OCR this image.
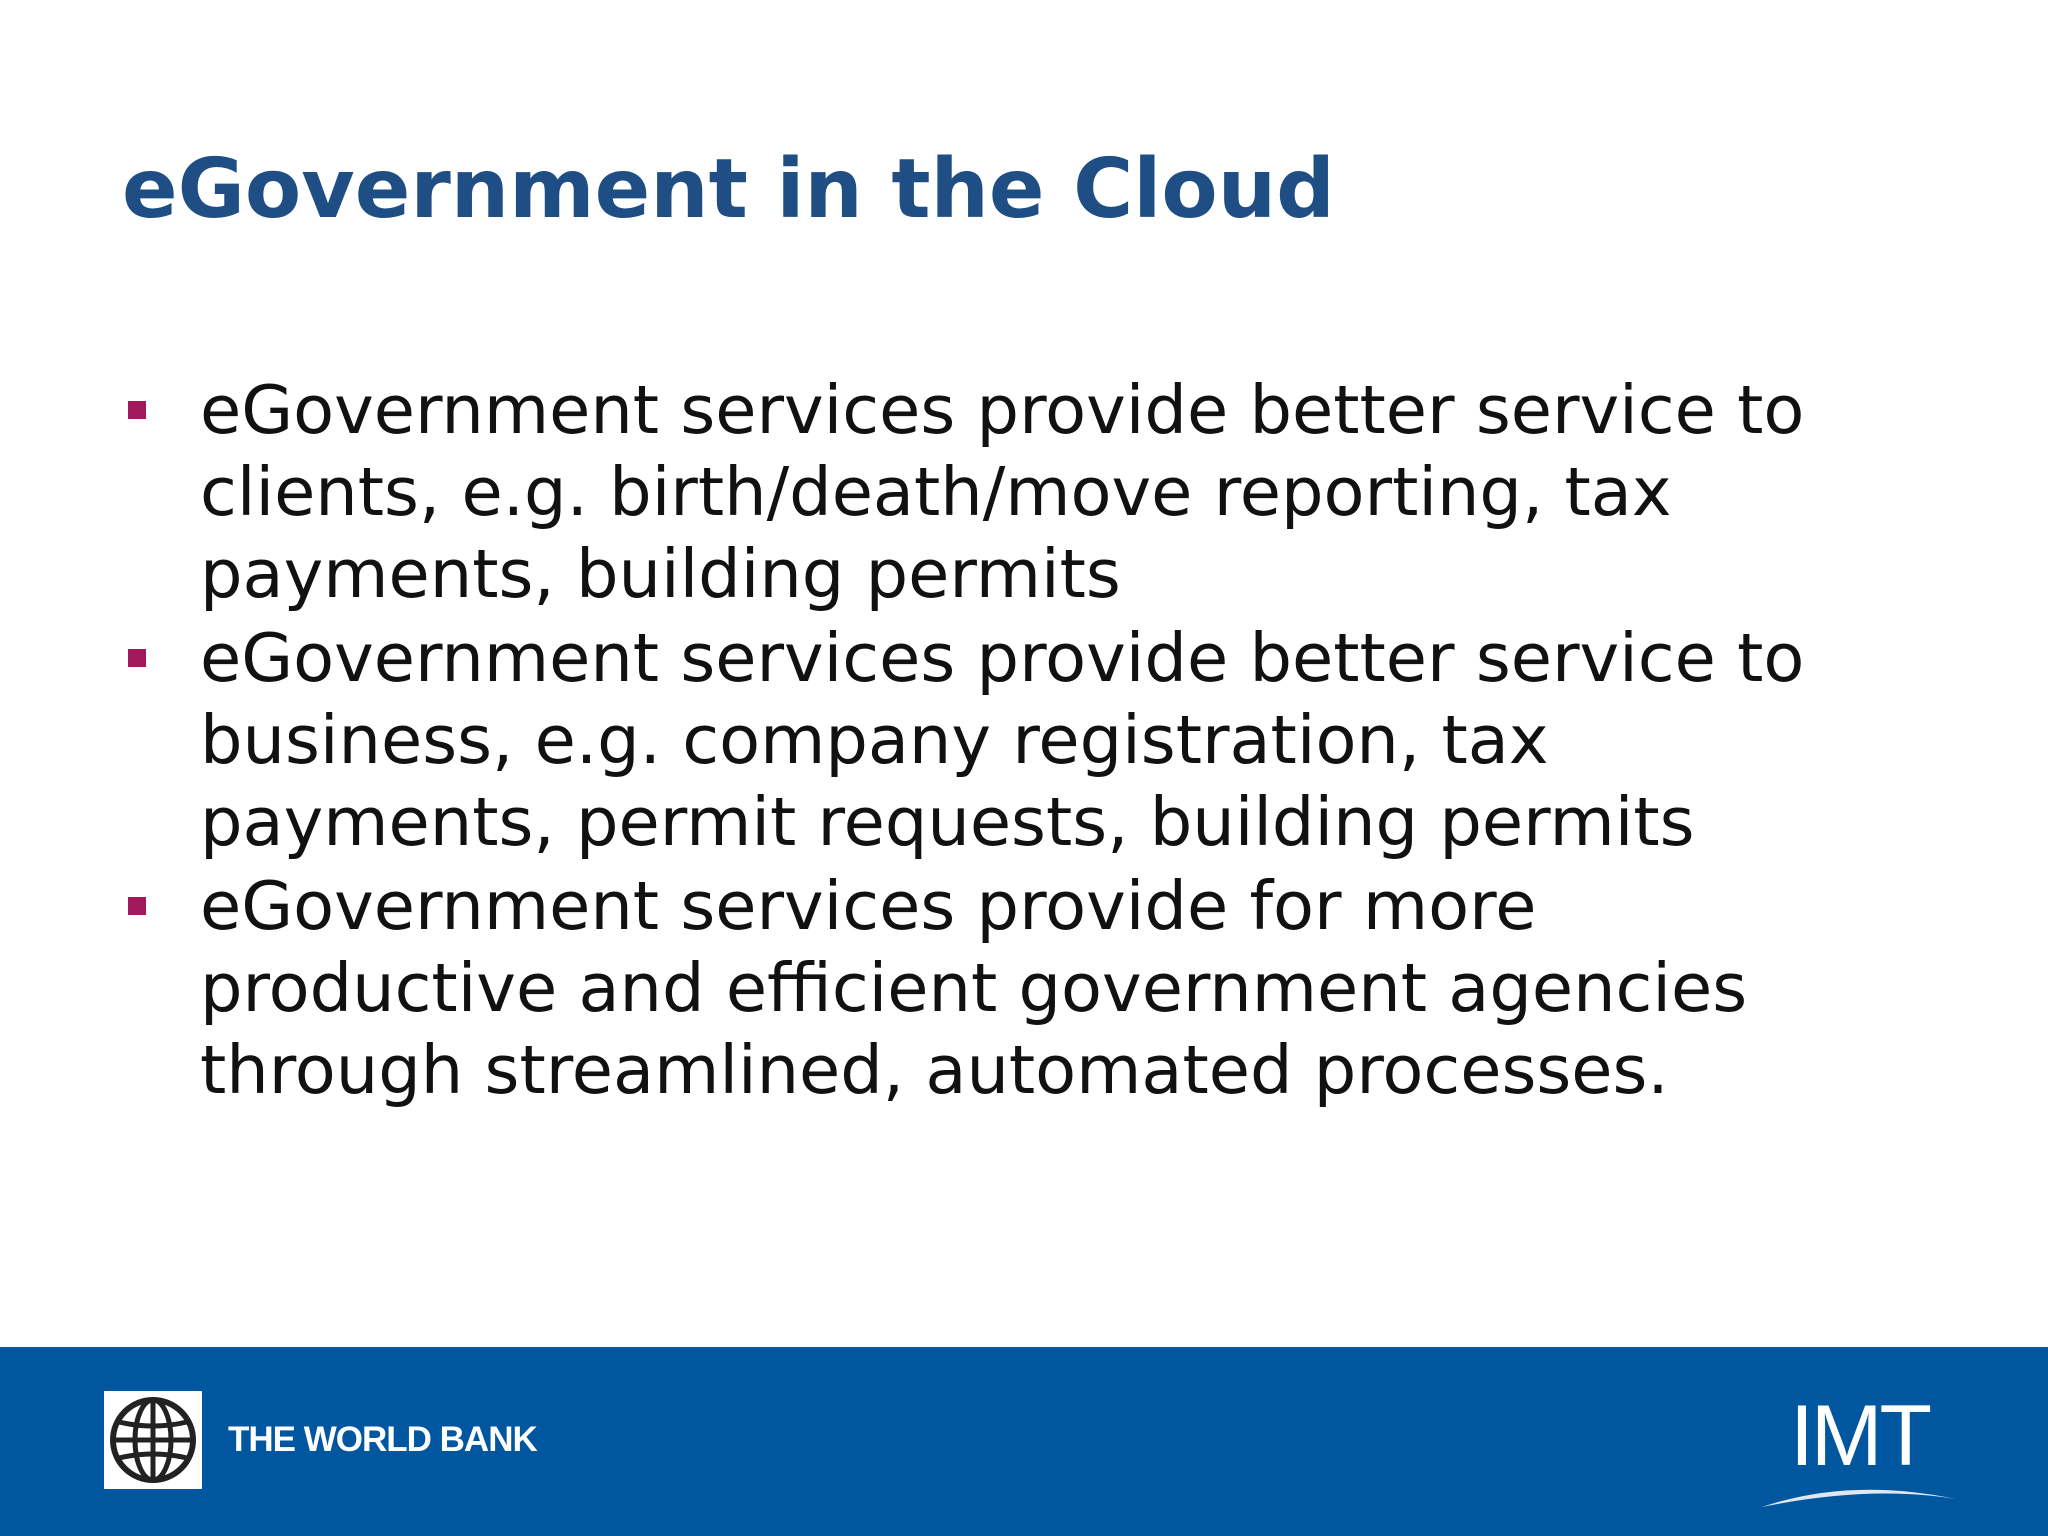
eGovernment in the Cloud
eGovernment services provide better service to clients, e.g. birth/death/move reporting, tax payments, building permits
eGovernment services provide better service to business, e.g. company registration, tax payments, permit requests, building permits
eGovernment services provide for more productive and efficient government agencies through streamlined, automated processes.
THE WORLD BANK	IMT
